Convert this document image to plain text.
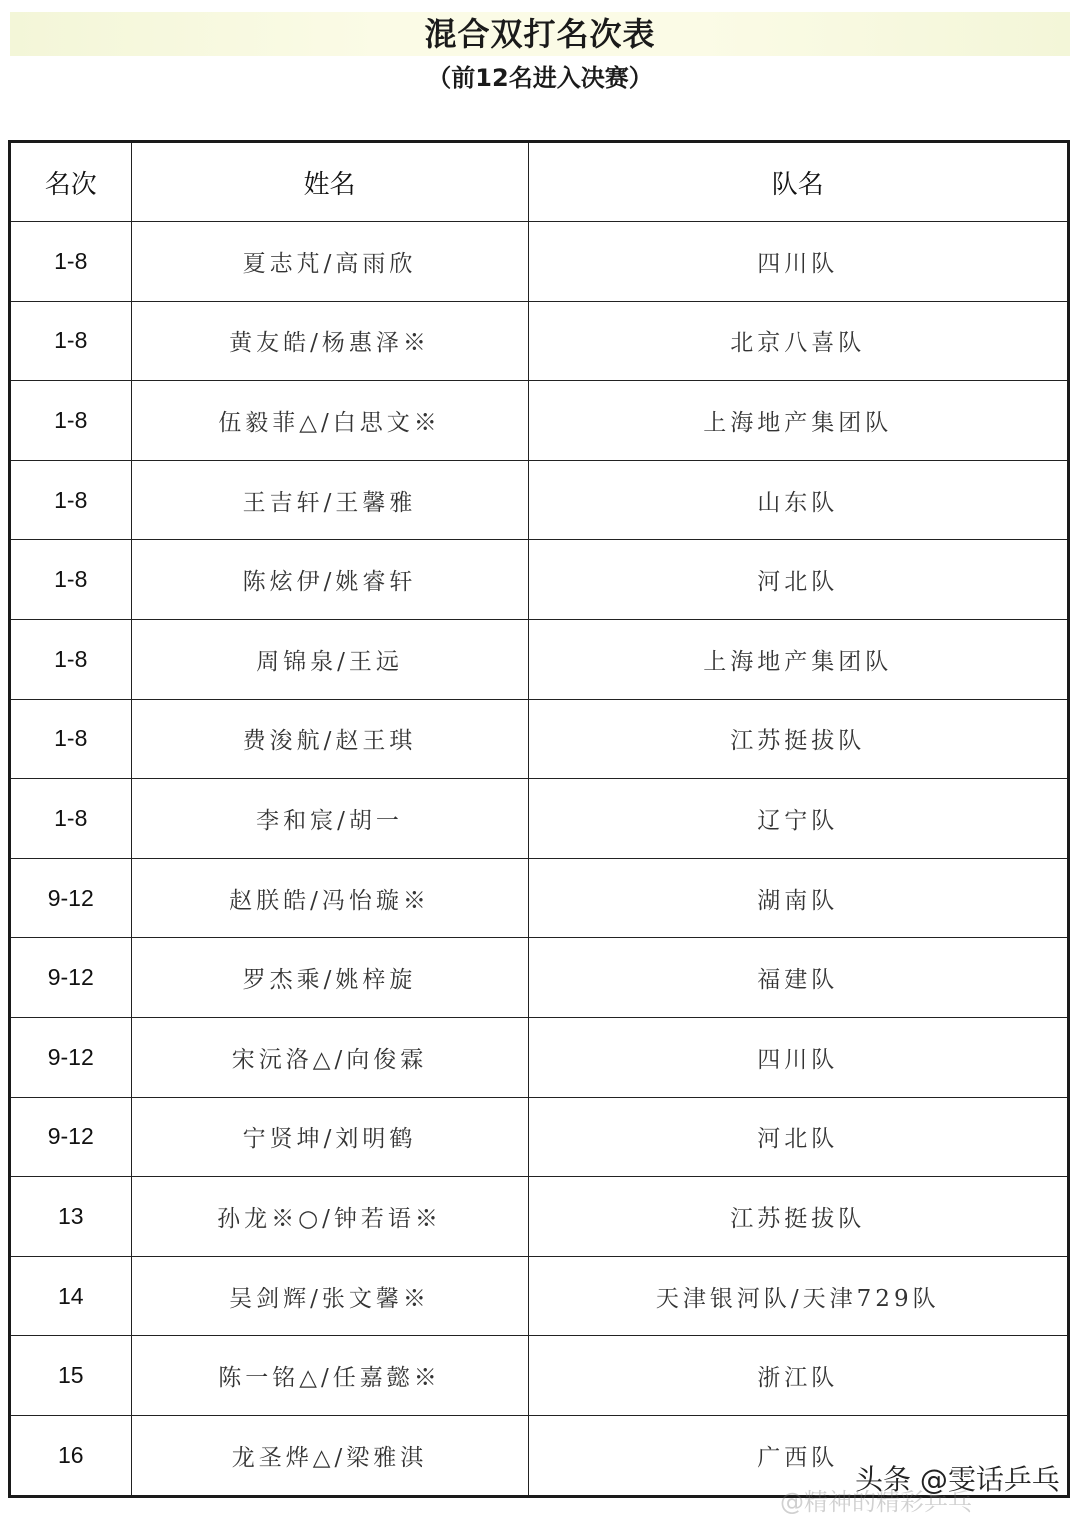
混合双打名次表
（前12名进入决赛）
名次	姓名	队名
1-8	夏志芃/高雨欣	四川队
1-8	黄友皓/杨惠泽※	北京八喜队
1-8	伍毅菲△/白思文※	上海地产集团队
1-8	王吉轩/王馨雅	山东队
1-8	陈炫伊/姚睿轩	河北队
1-8	周锦泉/王远	上海地产集团队
1-8	费浚航/赵王琪	江苏挺拔队
1-8	李和宸/胡一	辽宁队
9-12	赵朕皓/冯怡璇※	湖南队
9-12	罗杰乘/姚梓旋	福建队
9-12	宋沅洛△/向俊霖	四川队
9-12	宁贤坤/刘明鹤	河北队
13	孙龙※○/钟若语※	江苏挺拔队
14	吴剑辉/张文馨※	天津银河队/天津729队
15	陈一铭△/任嘉懿※	浙江队
16	龙圣烨△/梁雅淇	广西队
@精神的精彩乒乓
头条 @雯话乒乓
